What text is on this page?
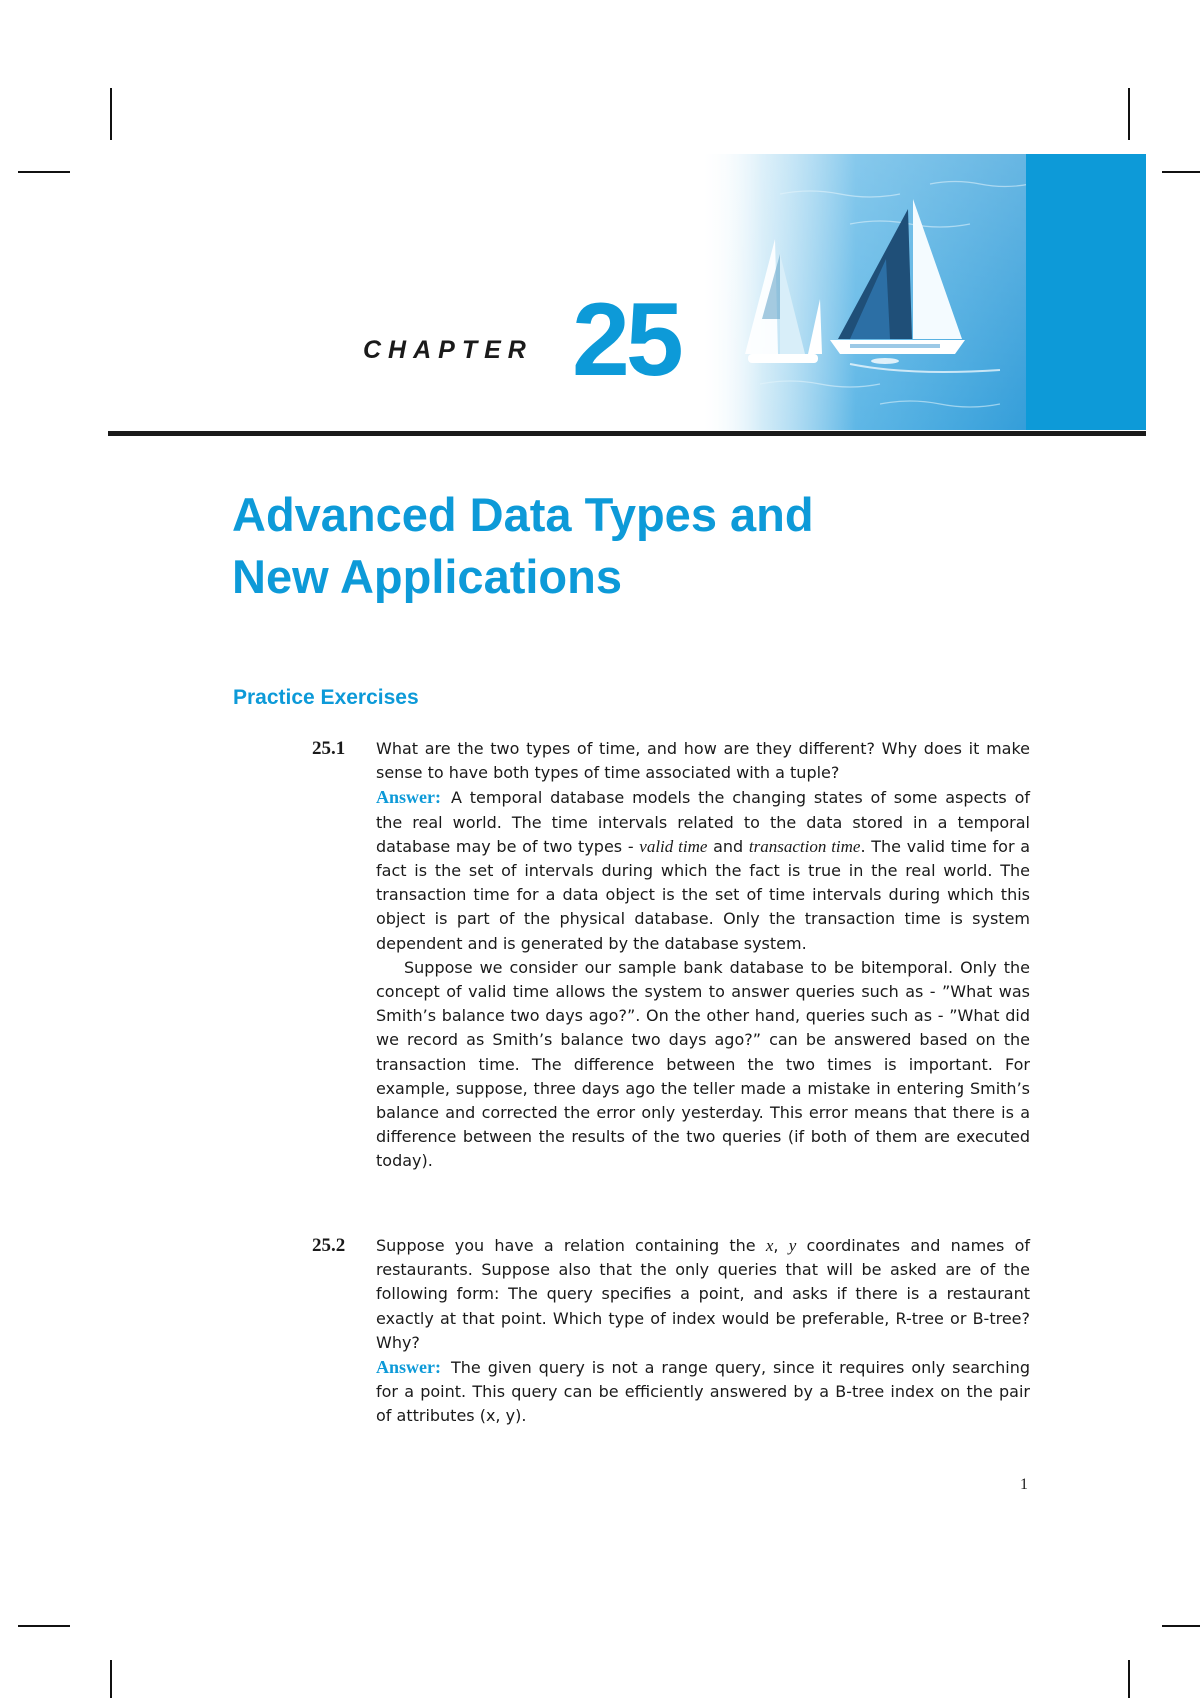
CHAPTER 25
Advanced Data Types and
New Applications
Practice Exercises
25.1 What are the two types of time, and how are they different? Why does it make sense to have both types of time associated with a tuple?

Answer: A temporal database models the changing states of some aspects of the real world. The time intervals related to the data stored in a temporal database may be of two types - valid time and transaction time. The valid time for a fact is the set of intervals during which the fact is true in the real world. The transaction time for a data object is the set of time intervals during which this object is part of the physical database. Only the transaction time is system dependent and is generated by the database system.

Suppose we consider our sample bank database to be bitemporal. Only the concept of valid time allows the system to answer queries such as - ”What was Smith’s balance two days ago?”. On the other hand, queries such as - ”What did we record as Smith’s balance two days ago?” can be answered based on the transaction time. The difference between the two times is important. For example, suppose, three days ago the teller made a mistake in entering Smith’s balance and corrected the error only yesterday. This error means that there is a difference between the results of the two queries (if both of them are executed today).

25.2 Suppose you have a relation containing the x, y coordinates and names of restaurants. Suppose also that the only queries that will be asked are of the following form: The query specifies a point, and asks if there is a restaurant exactly at that point. Which type of index would be preferable, R-tree or B-tree? Why?

Answer: The given query is not a range query, since it requires only searching for a point. This query can be efficiently answered by a B-tree index on the pair of attributes (x, y).

1
